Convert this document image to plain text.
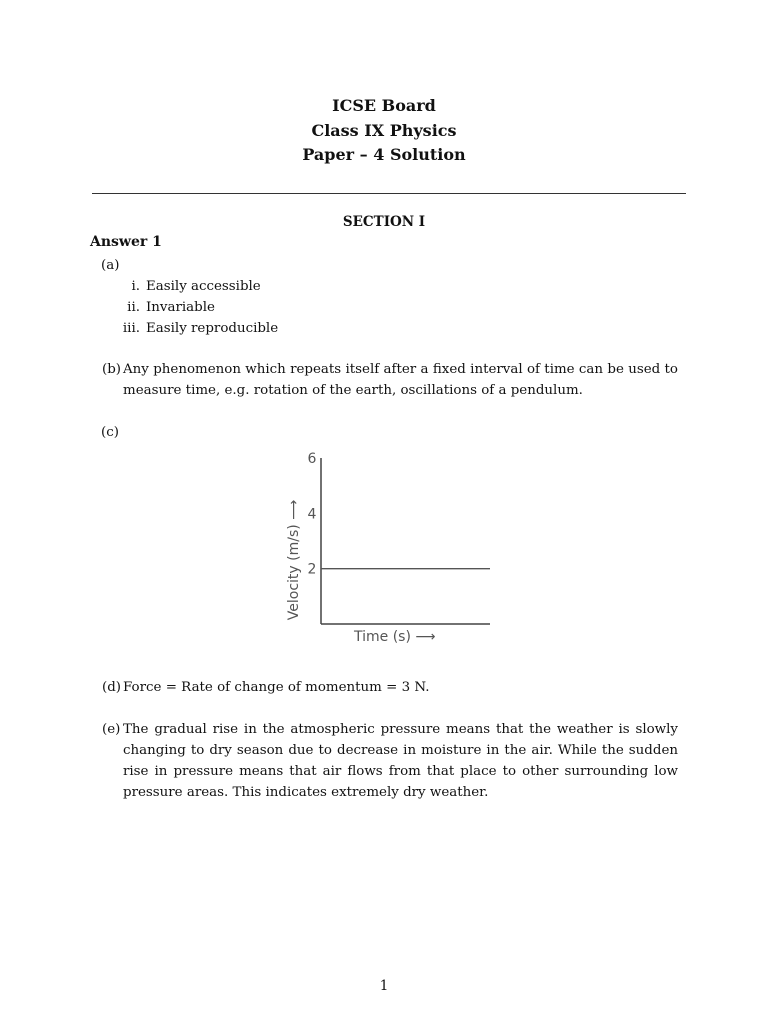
ICSE Board
Class IX Physics
Paper – 4 Solution
SECTION I
Answer 1
(a)
i. Easily accessible
ii. Invariable
iii. Easily reproducible
(b) Any phenomenon which repeats itself after a fixed interval of time can be used to measure time, e.g. rotation of the earth, oscillations of a pendulum.
(c)
2
4
6
Velocity (m/s) ⟶
Time (s) ⟶
(d) Force = Rate of change of momentum = 3 N.
(e) The gradual rise in the atmospheric pressure means that the weather is slowly changing to dry season due to decrease in moisture in the air. While the sudden rise in pressure means that air flows from that place to other surrounding low pressure areas. This indicates extremely dry weather.
1
